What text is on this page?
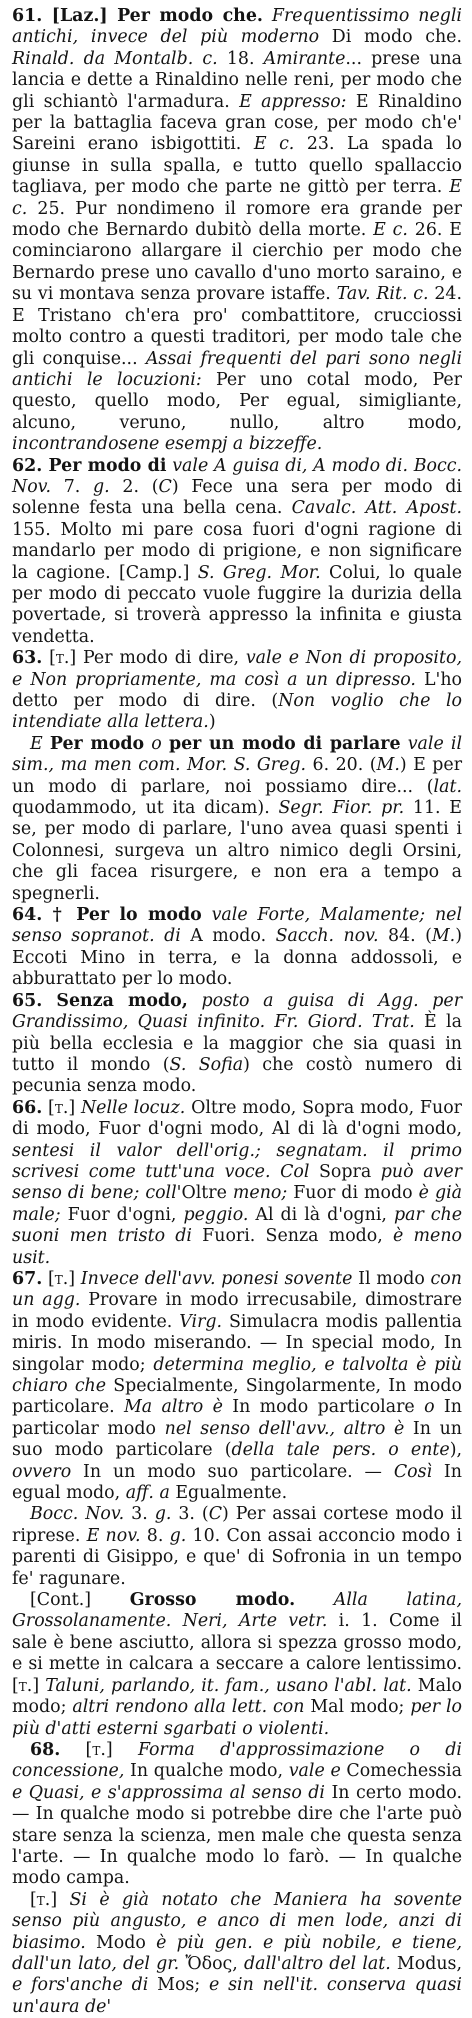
61. [Laz.] Per modo che. Frequentissimo negli antichi, invece del più moderno Di modo che. Rinald. da Montalb. c. 18. Amirante... prese una lancia e dette a Rinaldino nelle reni, per modo che gli schiantò l'armadura. E appresso: E Rinaldino per la battaglia faceva gran cose, per modo ch'e' Sareini erano isbigottiti. E c. 23. La spada lo giunse in sulla spalla, e tutto quello spallaccio tagliava, per modo che parte ne gittò per terra. E c. 25. Pur nondimeno il romore era grande per modo che Bernardo dubitò della morte. E c. 26. E cominciarono allargare il cierchio per modo che Bernardo prese uno cavallo d'uno morto saraino, e su vi montava senza provare istaffe. Tav. Rit. c. 24. E Tristano ch'era pro' combattitore, crucciossi molto contro a questi traditori, per modo tale che gli conquise... Assai frequenti del pari sono negli antichi le locuzioni: Per uno cotal modo, Per questo, quello modo, Per egual, simigliante, alcuno, veruno, nullo, altro modo, incontrandosene esempj a bizzeffe.

62. Per modo di vale A guisa di, A modo di. Bocc. Nov. 7. g. 2. (C) Fece una sera per modo di solenne festa una bella cena. Cavalc. Att. Apost. 155. Molto mi pare cosa fuori d'ogni ragione di mandarlo per modo di prigione, e non significare la cagione. [Camp.] S. Greg. Mor. Colui, lo quale per modo di peccato vuole fuggire la durizia della povertade, si troverà appresso la infinita e giusta vendetta.

63. [t.] Per modo di dire, vale e Non di proposito, e Non propriamente, ma così a un dipresso. L'ho detto per modo di dire. (Non voglio che lo intendiate alla lettera.)

E Per modo o per un modo di parlare vale il sim., ma men com. Mor. S. Greg. 6. 20. (M.) E per un modo di parlare, noi possiamo dire... (lat. quodammodo, ut ita dicam). Segr. Fior. pr. 11. E se, per modo di parlare, l'uno avea quasi spenti i Colonnesi, surgeva un altro nimico degli Orsini, che gli facea risurgere, e non era a tempo a spegnerli.

64. † Per lo modo vale Forte, Malamente; nel senso sopranot. di A modo. Sacch. nov. 84. (M.) Eccoti Mino in terra, e la donna addossoli, e abburattato per lo modo.

65. Senza modo, posto a guisa di Agg. per Grandissimo, Quasi infinito. Fr. Giord. Trat. È la più bella ecclesia e la maggior che sia quasi in tutto il mondo (S. Sofia) che costò numero di pecunia senza modo.

66. [t.] Nelle locuz. Oltre modo, Sopra modo, Fuor di modo, Fuor d'ogni modo, Al di là d'ogni modo, sentesi il valor dell'orig.; segnatam. il primo scrivesi come tutt'una voce. Col Sopra può aver senso di bene; coll'Oltre meno; Fuor di modo è già male; Fuor d'ogni, peggio. Al di là d'ogni, par che suoni men tristo di Fuori. Senza modo, è meno usit.

67. [t.] Invece dell'avv. ponesi sovente Il modo con un agg. Provare in modo irrecusabile, dimostrare in modo evidente. Virg. Simulacra modis pallentia miris. In modo miserando. — In special modo, In singolar modo; determina meglio, e talvolta è più chiaro che Specialmente, Singolarmente, In modo particolare. Ma altro è In modo particolare o In particolar modo nel senso dell'avv., altro è In un suo modo particolare (della tale pers. o ente), ovvero In un modo suo particolare. — Così In egual modo, aff. a Egualmente.

Bocc. Nov. 3. g. 3. (C) Per assai cortese modo il riprese. E nov. 8. g. 10. Con assai acconcio modo i parenti di Gisippo, e que' di Sofronia in un tempo fe' ragunare.

[Cont.] Grosso modo. Alla latina, Grossolanamente. Neri, Arte vetr. i. 1. Come il sale è bene asciutto, allora si spezza grosso modo, e si mette in calcara a seccare a calore lentissimo. [t.] Taluni, parlando, it. fam., usano l'abl. lat. Malo modo; altri rendono alla lett. con Mal modo; per lo più d'atti esterni sgarbati o violenti.

68. [t.] Forma d'approssimazione o di concessione, In qualche modo, vale e Comechessia e Quasi, e s'approssima al senso di In certo modo. — In qualche modo si potrebbe dire che l'arte può stare senza la scienza, men male che questa senza l'arte. — In qualche modo lo farò. — In qualche modo campa.

[t.] Si è già notato che Maniera ha sovente senso più angusto, e anco di men lode, anzi di biasimo. Modo è più gen. e più nobile, e tiene, dall'un lato, del gr. Ὄδος, dall'altro del lat. Modus, e fors'anche di Mos; e sin nell'it. conserva quasi un'aura de'
